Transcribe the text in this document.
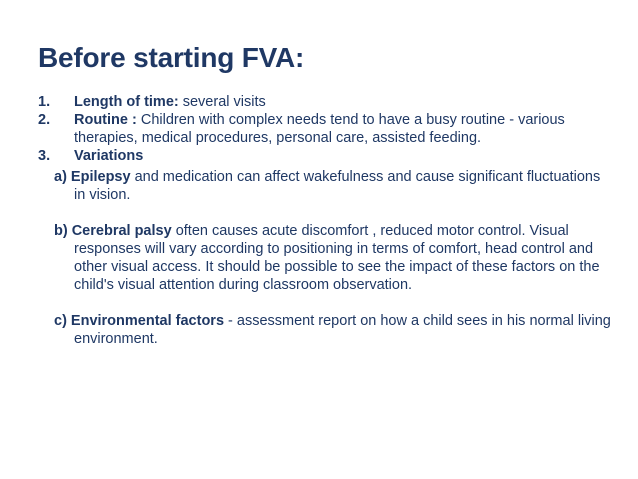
Before starting FVA:
1. Length of time: several visits
2. Routine : Children with complex needs tend to have a busy routine - various therapies, medical procedures, personal care, assisted feeding.
3. Variations
a) Epilepsy and medication can affect wakefulness and cause significant fluctuations in vision.
b) Cerebral palsy often causes acute discomfort , reduced motor control. Visual responses will vary according to positioning in terms of comfort, head control and other visual access. It should be possible to see the impact of these factors on the child's visual attention during classroom observation.
c) Environmental factors - assessment report on how a child sees in his normal living environment.
